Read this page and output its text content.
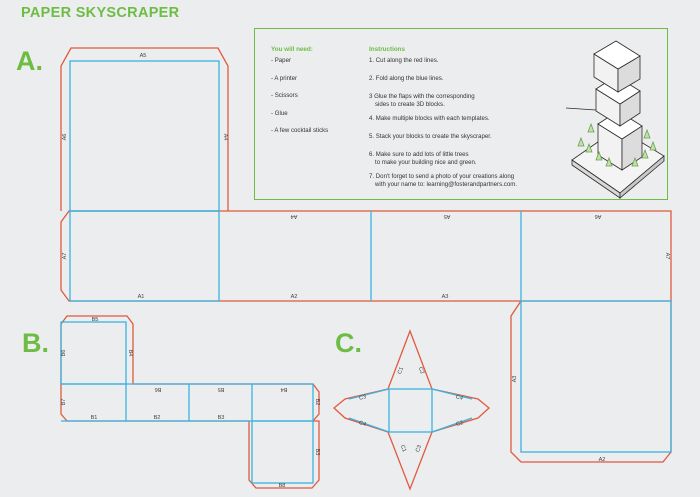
PAPER SKYSCRAPER
A.
B.	C.
You will need:
- Paper
- A printer
- Scissors
- Glue
- A few cocktail sticks
Instructions
1. Cut along the red lines.
2. Fold along the blue lines.
3 Glue the flaps with the corresponding
sides to create 3D blocks.
4. Make multiple blocks with each templates.
5. Stack your blocks to create the skyscraper.
6. Make sure to add lots of little trees
to make your building nice and green.
7. Don't forget to send a photo of your creations along
with your name to: learning@fosterandpartners.com.
A5
A6	A4
A7	A7
A1	A2	A3
A4	A5	A6
A3
A2
B5
B6	B4
B6	B5	B4
B1	B2	B3
B7	B2
B3
B8
C1 C2
C3
C4
C4
C1 C3
C2
